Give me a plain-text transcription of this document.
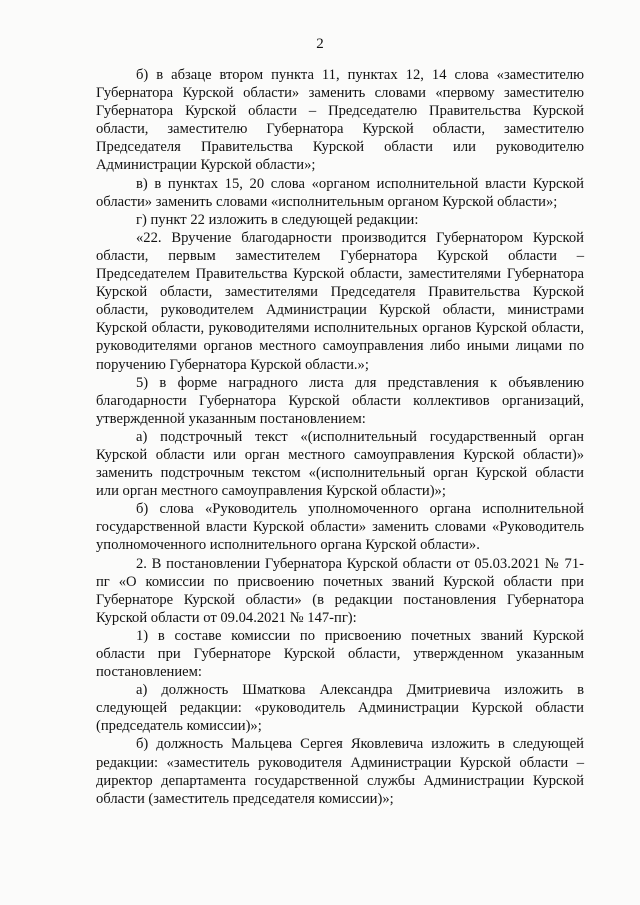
2

б) в абзаце втором пункта 11, пунктах 12, 14 слова «заместителю Губернатора Курской области» заменить словами «первому заместителю Губернатора Курской области – Председателю Правительства Курской области, заместителю Губернатора Курской области, заместителю Председателя Правительства Курской области или руководителю Администрации Курской области»;

в) в пунктах 15, 20 слова «органом исполнительной власти Курской области» заменить словами «исполнительным органом Курской области»;

г) пункт 22 изложить в следующей редакции:

«22. Вручение благодарности производится Губернатором Курской области, первым заместителем Губернатора Курской области – Председателем Правительства Курской области, заместителями Губернатора Курской области, заместителями Председателя Правительства Курской области, руководителем Администрации Курской области, министрами Курской области, руководителями исполнительных органов Курской области, руководителями органов местного самоуправления либо иными лицами по поручению Губернатора Курской области.»;

5) в форме наградного листа для представления к объявлению благодарности Губернатора Курской области коллективов организаций, утвержденной указанным постановлением:

а) подстрочный текст «(исполнительный государственный орган Курской области или орган местного самоуправления Курской области)» заменить подстрочным текстом «(исполнительный орган Курской области или орган местного самоуправления Курской области)»;

б) слова «Руководитель уполномоченного органа исполнительной государственной власти Курской области» заменить словами «Руководитель уполномоченного исполнительного органа Курской области».

2. В постановлении Губернатора Курской области от 05.03.2021 № 71-пг «О комиссии по присвоению почетных званий Курской области при Губернаторе Курской области» (в редакции постановления Губернатора Курской области от 09.04.2021 № 147-пг):

1) в составе комиссии по присвоению почетных званий Курской области при Губернаторе Курской области, утвержденном указанным постановлением:

а) должность Шматкова Александра Дмитриевича изложить в следующей редакции: «руководитель Администрации Курской области (председатель комиссии)»;

б) должность Мальцева Сергея Яковлевича изложить в следующей редакции: «заместитель руководителя Администрации Курской области – директор департамента государственной службы Администрации Курской области (заместитель председателя комиссии)»;
